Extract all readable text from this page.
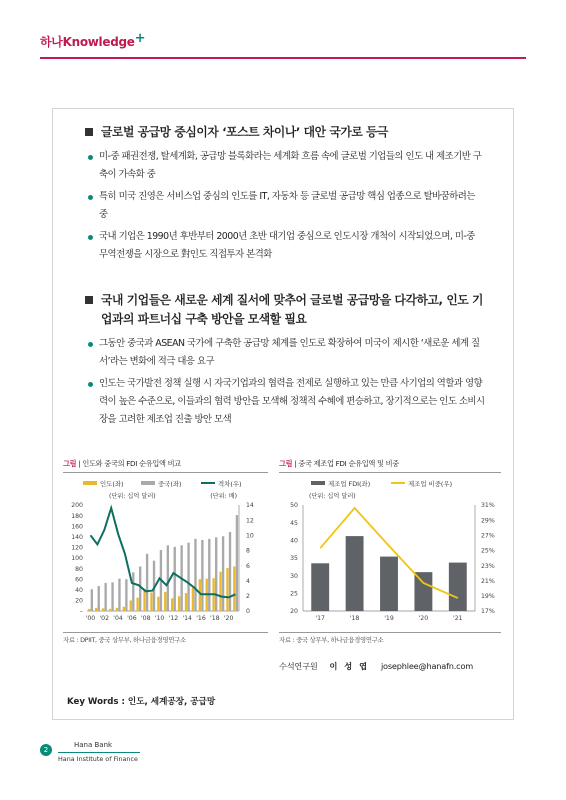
하나Knowledge+
글로벌 공급망 중심이자 ‘포스트 차이나’ 대안 국가로 등극
미-중 패권전쟁, 탈세계화, 공급망 블록화라는 세계화 흐름 속에 글로벌 기업들의 인도 내 제조기반 구축이 가속화 중
특히 미국 진영은 서비스업 중심의 인도를 IT, 자동차 등 글로벌 공급망 핵심 업종으로 탈바꿈하려는 중
국내 기업은 1990년 후반부터 2000년 초반 대기업 중심으로 인도시장 개척이 시작되었으며, 미-중 무역전쟁을 시장으로 對인도 직접투자 본격화
국내 기업들은 새로운 세계 질서에 맞추어 글로벌 공급망을 다각하고, 인도 기업과의 파트너십 구축 방안을 모색할 필요
그동안 중국과 ASEAN 국가에 구축한 공급망 체계를 인도로 확장하여 미국이 제시한 ‘새로운 세계 질서’라는 변화에 적극 대응 요구
인도는 국가발전 정책 실행 시 자국기업과의 협력을 전제로 실행하고 있는 만큼 사기업의 역할과 영향력이 높은 수준으로, 이들과의 협력 방안을 모색해 정책적 수혜에 편승하고, 장기적으로는 인도 소비시장을 고려한 제조업 진출 방안 모색
그림 | 인도와 중국의 FDI 순유입액 비교
인도(좌)	중국(좌)	격차(우)
(단위: 십억 달러)	(단위: 배)
–
20
40
60
80
100
120
140
160
180
200
0
2
4
6
8
10
12
14
'00 '02 '04 '06 '08 '10 '12 '14 '16 '18 '20
자료 : DPIIT, 중국 상무부, 하나금융경영연구소
그림 | 중국 제조업 FDI 순유입액 및 비중
제조업 FDI(좌)	제조업 비중(우)
(단위: 십억 달러)
20
25
30
35
40
45
50
17%
19%
21%
23%
25%
27%
29%
31%
'17	'18	'19	'20	'21
자료 : 중국 상무부, 하나금융경영연구소
수석연구원 이 성 엽 josephlee@hanafn.com
Key Words : 인도, 세계공장, 공급망
2
Hana Bank
Hana Institute of Finance
